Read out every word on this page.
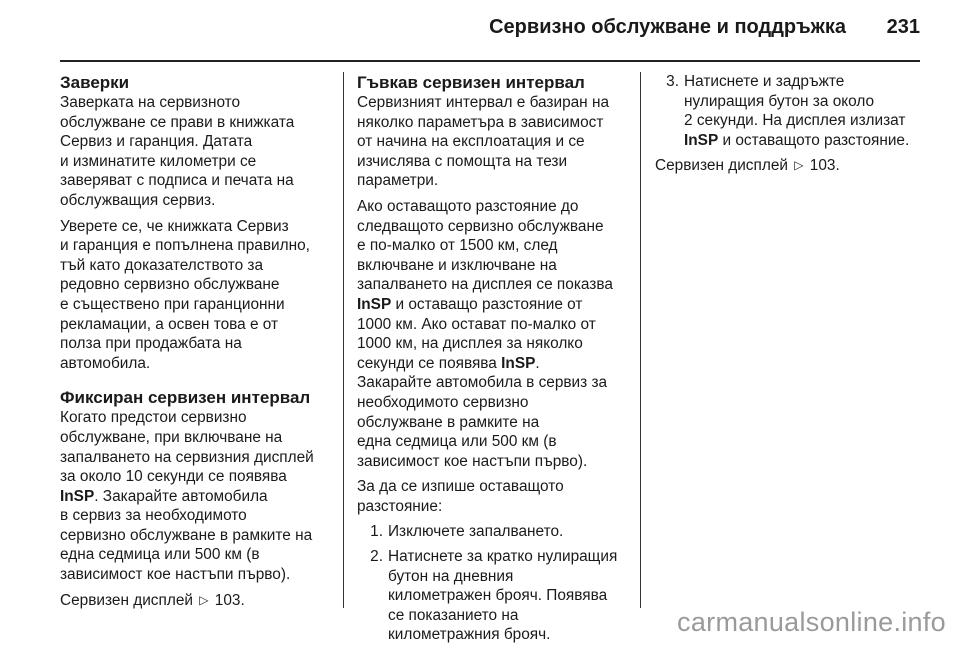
Сервизно обслужване и поддръжка 231
Заверки

Заверката на сервизното
обслужване се прави в книжката
Сервиз и гаранция. Датата
и изминатите километри се
заверяват с подписа и печата на
обслужващия сервиз.

Уверете се, че книжката Сервиз
и гаранция е попълнена правилно,
тъй като доказателството за
редовно сервизно обслужване
е съществено при гаранционни
рекламации, а освен това е от
полза при продажбата на
автомобила.

Фиксиран сервизен интервал

Когато предстои сервизно
обслужване, при включване на
запалването на сервизния дисплей
за около 10 секунди се появява
InSP. Закарайте автомобила
в сервиз за необходимото
сервизно обслужване в рамките на
една седмица или 500 км (в
зависимост кое настъпи първо).

Сервизен дисплей ▷ 103.

Гъвкав сервизен интервал

Сервизният интервал е базиран на
няколко параметъра в зависимост
от начина на експлоатация и се
изчислява с помощта на тези
параметри.

Ако оставащото разстояние до
следващото сервизно обслужване
е по-малко от 1500 км, след
включване и изключване на
запалването на дисплея се показва
InSP и оставащо разстояние от
1000 км. Ако остават по-малко от
1000 км, на дисплея за няколко
секунди се появява InSP.
Закарайте автомобила в сервиз за
необходимото сервизно
обслужване в рамките на
една седмица или 500 км (в
зависимост кое настъпи първо).

За да се изпише оставащото
разстояние:

1. Изключете запалването.
2. Натиснете за кратко нулиращия
бутон на дневния
километражен брояч. Появява
се показанието на
километражния брояч.
3. Натиснете и задръжте
нулиращия бутон за около
2 секунди. На дисплея излизат
InSP и оставащото разстояние.

Сервизен дисплей ▷ 103.

carmanualsonline.info
